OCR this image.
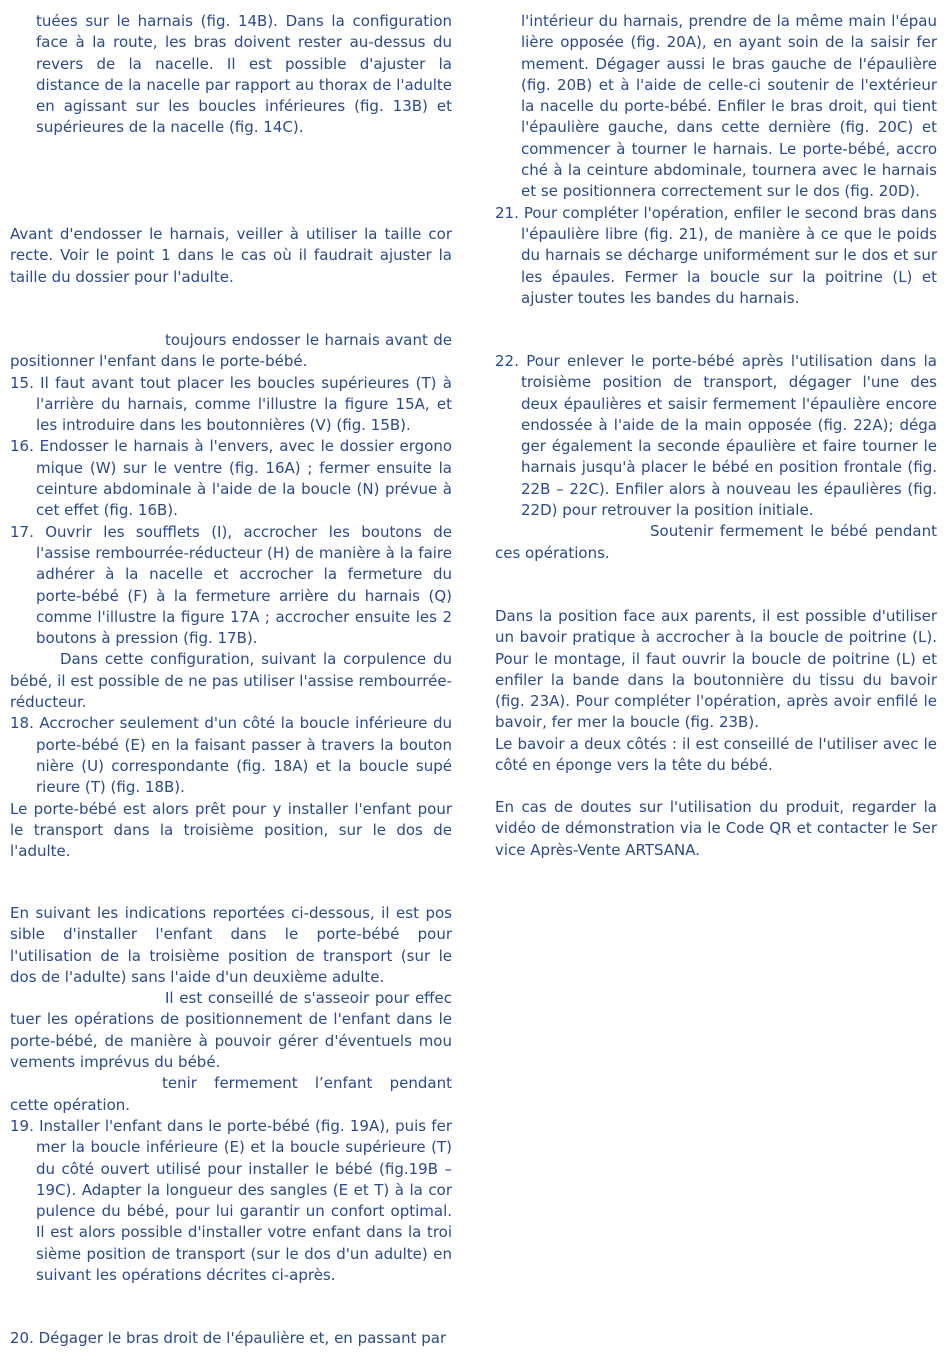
tuées sur le harnais (fig. 14B). Dans la configuration face à la route, les bras doivent rester au-dessus du revers de la nacelle. Il est possible d'ajuster la distance de la nacelle par rapport au thorax de l'adulte en agissant sur les boucles inférieures (fig. 13B) et supérieures de la nacelle (fig. 14C).

Avant d'endosser le harnais, veiller à utiliser la taille cor recte. Voir le point 1 dans le cas où il faudrait ajuster la taille du dossier pour l'adulte.

toujours endosser le harnais avant de positionner l'enfant dans le porte-bébé.

15. Il faut avant tout placer les boucles supérieures (T) à l'arrière du harnais, comme l'illustre la figure 15A, et les introduire dans les boutonnières (V) (fig. 15B).

16. Endosser le harnais à l'envers, avec le dossier ergono mique (W) sur le ventre (fig. 16A) ; fermer ensuite la ceinture abdominale à l'aide de la boucle (N) prévue à cet effet (fig. 16B).

17. Ouvrir les soufflets (I), accrocher les boutons de l'assise rembourrée-réducteur (H) de manière à la faire adhérer à la nacelle et accrocher la fermeture du porte-bébé (F) à la fermeture arrière du harnais (Q) comme l'illustre la figure 17A ; accrocher ensuite les 2 boutons à pression (fig. 17B).

Dans cette configuration, suivant la corpulence du bébé, il est possible de ne pas utiliser l'assise rembourrée-réducteur.

18. Accrocher seulement d'un côté la boucle inférieure du porte-bébé (E) en la faisant passer à travers la bouton nière (U) correspondante (fig. 18A) et la boucle supé rieure (T) (fig. 18B).

Le porte-bébé est alors prêt pour y installer l'enfant pour le transport dans la troisième position, sur le dos de l'adulte.

En suivant les indications reportées ci-dessous, il est pos sible d'installer l'enfant dans le porte-bébé pour l'utilisation de la troisième position de transport (sur le dos de l'adulte) sans l'aide d'un deuxième adulte.

Il est conseillé de s'asseoir pour effec tuer les opérations de positionnement de l'enfant dans le porte-bébé, de manière à pouvoir gérer d'éventuels mou vements imprévus du bébé.

tenir fermement l’enfant pendant cette opération.

19. Installer l'enfant dans le porte-bébé (fig. 19A), puis fer mer la boucle inférieure (E) et la boucle supérieure (T) du côté ouvert utilisé pour installer le bébé (fig.19B – 19C). Adapter la longueur des sangles (E et T) à la cor pulence du bébé, pour lui garantir un confort optimal. Il est alors possible d'installer votre enfant dans la troi sième position de transport (sur le dos d'un adulte) en suivant les opérations décrites ci-après.

20. Dégager le bras droit de l'épaulière et, en passant par

l'intérieur du harnais, prendre de la même main l'épau lière opposée (fig. 20A), en ayant soin de la saisir fer mement. Dégager aussi le bras gauche de l'épaulière (fig. 20B) et à l'aide de celle-ci soutenir de l'extérieur la nacelle du porte-bébé. Enfiler le bras droit, qui tient l'épaulière gauche, dans cette dernière (fig. 20C) et commencer à tourner le harnais. Le porte-bébé, accro ché à la ceinture abdominale, tournera avec le harnais et se positionnera correctement sur le dos (fig. 20D).

21. Pour compléter l'opération, enfiler le second bras dans l'épaulière libre (fig. 21), de manière à ce que le poids du harnais se décharge uniformément sur le dos et sur les épaules. Fermer la boucle sur la poitrine (L) et ajuster toutes les bandes du harnais.

22. Pour enlever le porte-bébé après l'utilisation dans la troisième position de transport, dégager l'une des deux épaulières et saisir fermement l'épaulière encore endossée à l'aide de la main opposée (fig. 22A); déga ger également la seconde épaulière et faire tourner le harnais jusqu'à placer le bébé en position frontale (fig. 22B – 22C). Enfiler alors à nouveau les épaulières (fig. 22D) pour retrouver la position initiale.

Soutenir fermement le bébé pendant ces opérations.

Dans la position face aux parents, il est possible d'utiliser un bavoir pratique à accrocher à la boucle de poitrine (L). Pour le montage, il faut ouvrir la boucle de poitrine (L) et enfiler la bande dans la boutonnière du tissu du bavoir (fig. 23A). Pour compléter l'opération, après avoir enfilé le bavoir, fer mer la boucle (fig. 23B).

Le bavoir a deux côtés : il est conseillé de l'utiliser avec le côté en éponge vers la tête du bébé.

En cas de doutes sur l'utilisation du produit, regarder la vidéo de démonstration via le Code QR et contacter le Ser vice Après-Vente ARTSANA.
